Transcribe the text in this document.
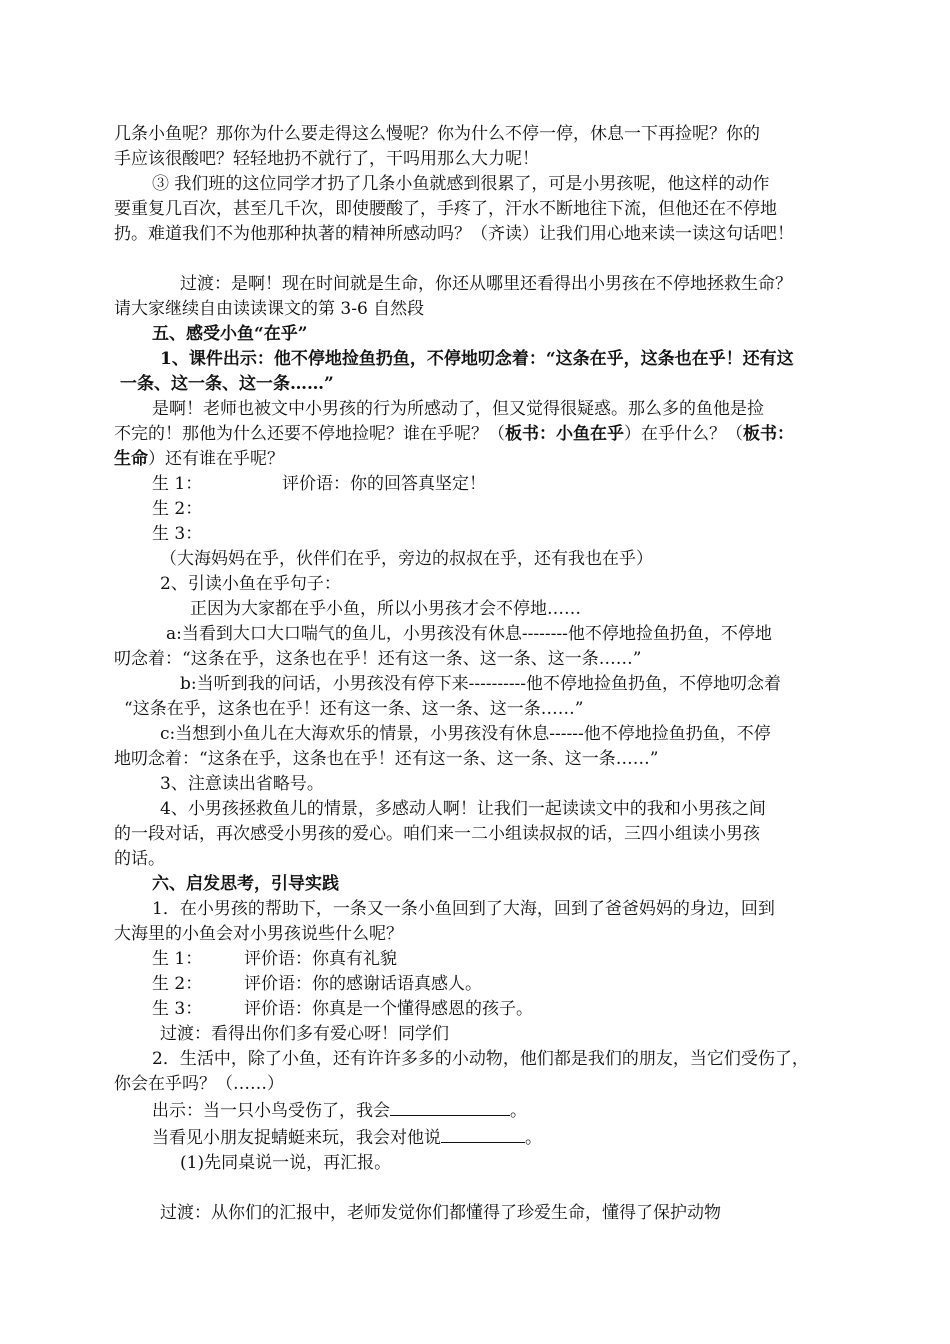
几条小鱼呢？那你为什么要走得这么慢呢？你为什么不停一停，休息一下再捡呢？你的

手应该很酸吧？轻轻地扔不就行了，干吗用那么大力呢！

③ 我们班的这位同学才扔了几条小鱼就感到很累了，可是小男孩呢，他这样的动作

要重复几百次，甚至几千次，即使腰酸了，手疼了，汗水不断地往下流，但他还在不停地

扔。难道我们不为他那种执著的精神所感动吗？（齐读）让我们用心地来读一读这句话吧！

过渡：是啊！现在时间就是生命，你还从哪里还看得出小男孩在不停地拯救生命？

请大家继续自由读读课文的第 3-6 自然段

五、感受小鱼“在乎”

1、课件出示：他不停地捡鱼扔鱼，不停地叨念着：“这条在乎，这条也在乎！还有这

一条、这一条、这一条……”

是啊！老师也被文中小男孩的行为所感动了，但又觉得很疑惑。那么多的鱼他是捡

不完的！那他为什么还要不停地捡呢？谁在乎呢？（板书：小鱼在乎）在乎什么？（板书：

生命）还有谁在乎呢？

生 1：	评价语：你的回答真坚定！

生 2：

生 3：

（大海妈妈在乎，伙伴们在乎，旁边的叔叔在乎，还有我也在乎）

2、引读小鱼在乎句子：

正因为大家都在乎小鱼，所以小男孩才会不停地……

a:当看到大口大口喘气的鱼儿，小男孩没有休息--------他不停地捡鱼扔鱼，不停地

叨念着：“这条在乎，这条也在乎！还有这一条、这一条、这一条……”

b:当听到我的问话，小男孩没有停下来----------他不停地捡鱼扔鱼，不停地叨念着

“这条在乎，这条也在乎！还有这一条、这一条、这一条……”

c:当想到小鱼儿在大海欢乐的情景，小男孩没有休息------他不停地捡鱼扔鱼，不停

地叨念着：“这条在乎，这条也在乎！还有这一条、这一条、这一条……”

3、注意读出省略号。

4、小男孩拯救鱼儿的情景，多感动人啊！让我们一起读读文中的我和小男孩之间

的一段对话，再次感受小男孩的爱心。咱们来一二小组读叔叔的话，三四小组读小男孩

的话。

六、启发思考，引导实践

1．在小男孩的帮助下，一条又一条小鱼回到了大海，回到了爸爸妈妈的身边，回到

大海里的小鱼会对小男孩说些什么呢？

生 1： 评价语：你真有礼貌

生 2： 评价语：你的感谢话语真感人。

生 3： 评价语：你真是一个懂得感恩的孩子。

过渡：看得出你们多有爱心呀！同学们

2．生活中，除了小鱼，还有许许多多的小动物，他们都是我们的朋友，当它们受伤了，

你会在乎吗？（……）

出示：当一只小鸟受伤了，我会	。

当看见小朋友捉蜻蜓来玩，我会对他说	。

(1)先同桌说一说，再汇报。

过渡：从你们的汇报中，老师发觉你们都懂得了珍爱生命，懂得了保护动物
